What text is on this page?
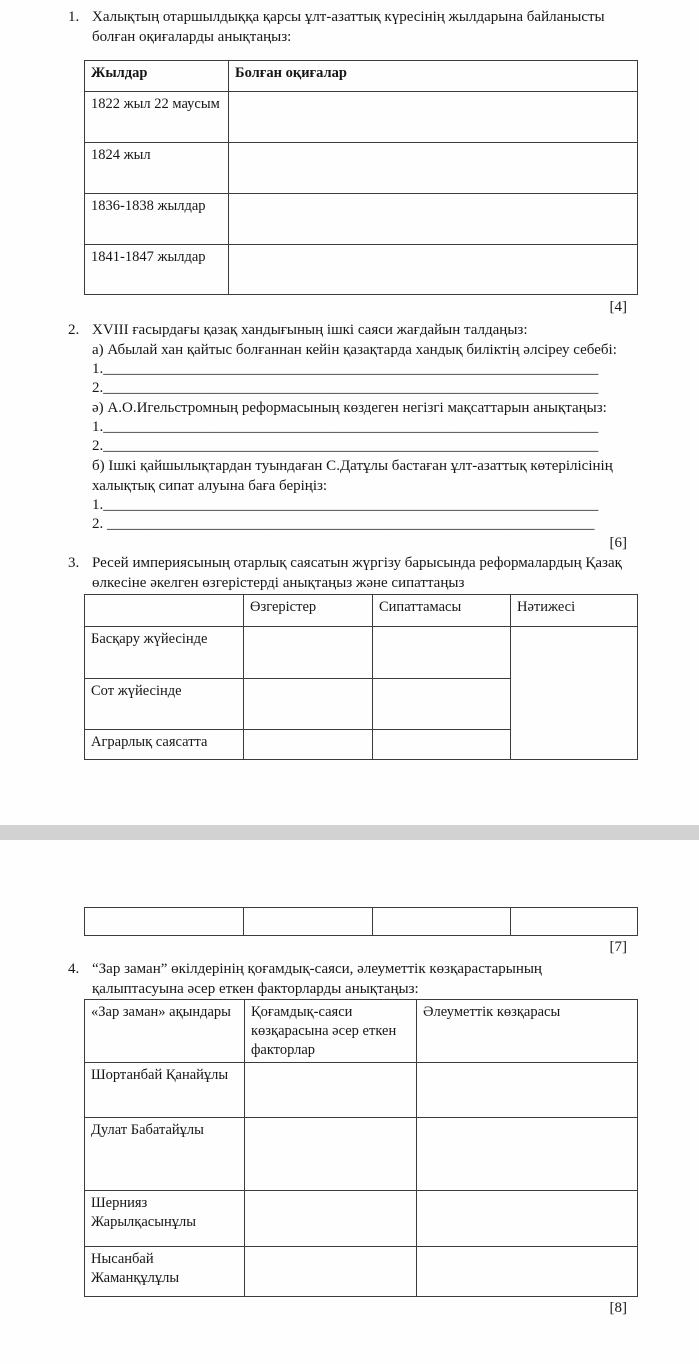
1. Халықтың отаршылдыққа қарсы ұлт-азаттық күресінің жылдарына байланысты болған оқиғаларды анықтаңыз:
Жылдар	Болған оқиғалар
1822 жыл 22 маусым	
1824 жыл	
1836-1838 жылдар	
1841-1847 жылдар	
[4]
2. XVIII ғасырдағы қазақ хандығының ішкі саяси жағдайын талдаңыз:
а) Абылай хан қайтыс болғаннан кейін қазақтарда хандық биліктің әлсіреу себебі:
1.__________________________________________________________________
2.__________________________________________________________________
ә) А.О.Игельстромның реформасының көздеген негізгі мақсаттарын анықтаңыз:
1.__________________________________________________________________
2.__________________________________________________________________
б) Ішкі қайшылықтардан туындаған С.Датұлы бастаған ұлт-азаттық көтерілісінің халықтық сипат алуына баға беріңіз:
1.__________________________________________________________________
2. _________________________________________________________________
[6]
3. Ресей империясының отарлық саясатын жүргізу барысында реформалардың Қазақ өлкесіне әкелген өзгерістерді анықтаңыз және сипаттаңыз
	Өзгерістер	Сипаттамасы	Нәтижесі
Басқару жүйесінде			
Сот жүйесінде			
Аграрлық саясатта			

[7]
4. “Зар заман” өкілдерінің қоғамдық-саяси, әлеуметтік көзқарастарының қалыптасуына әсер еткен факторларды анықтаңыз:
«Зар заман» ақындары	Қоғамдық-саяси көзқарасына әсер еткен факторлар	Әлеуметтік көзқарасы
Шортанбай Қанайұлы		
Дулат Бабатайұлы		
Шернияз Жарылқасынұлы		
Нысанбай Жаманқұлұлы		
[8]
